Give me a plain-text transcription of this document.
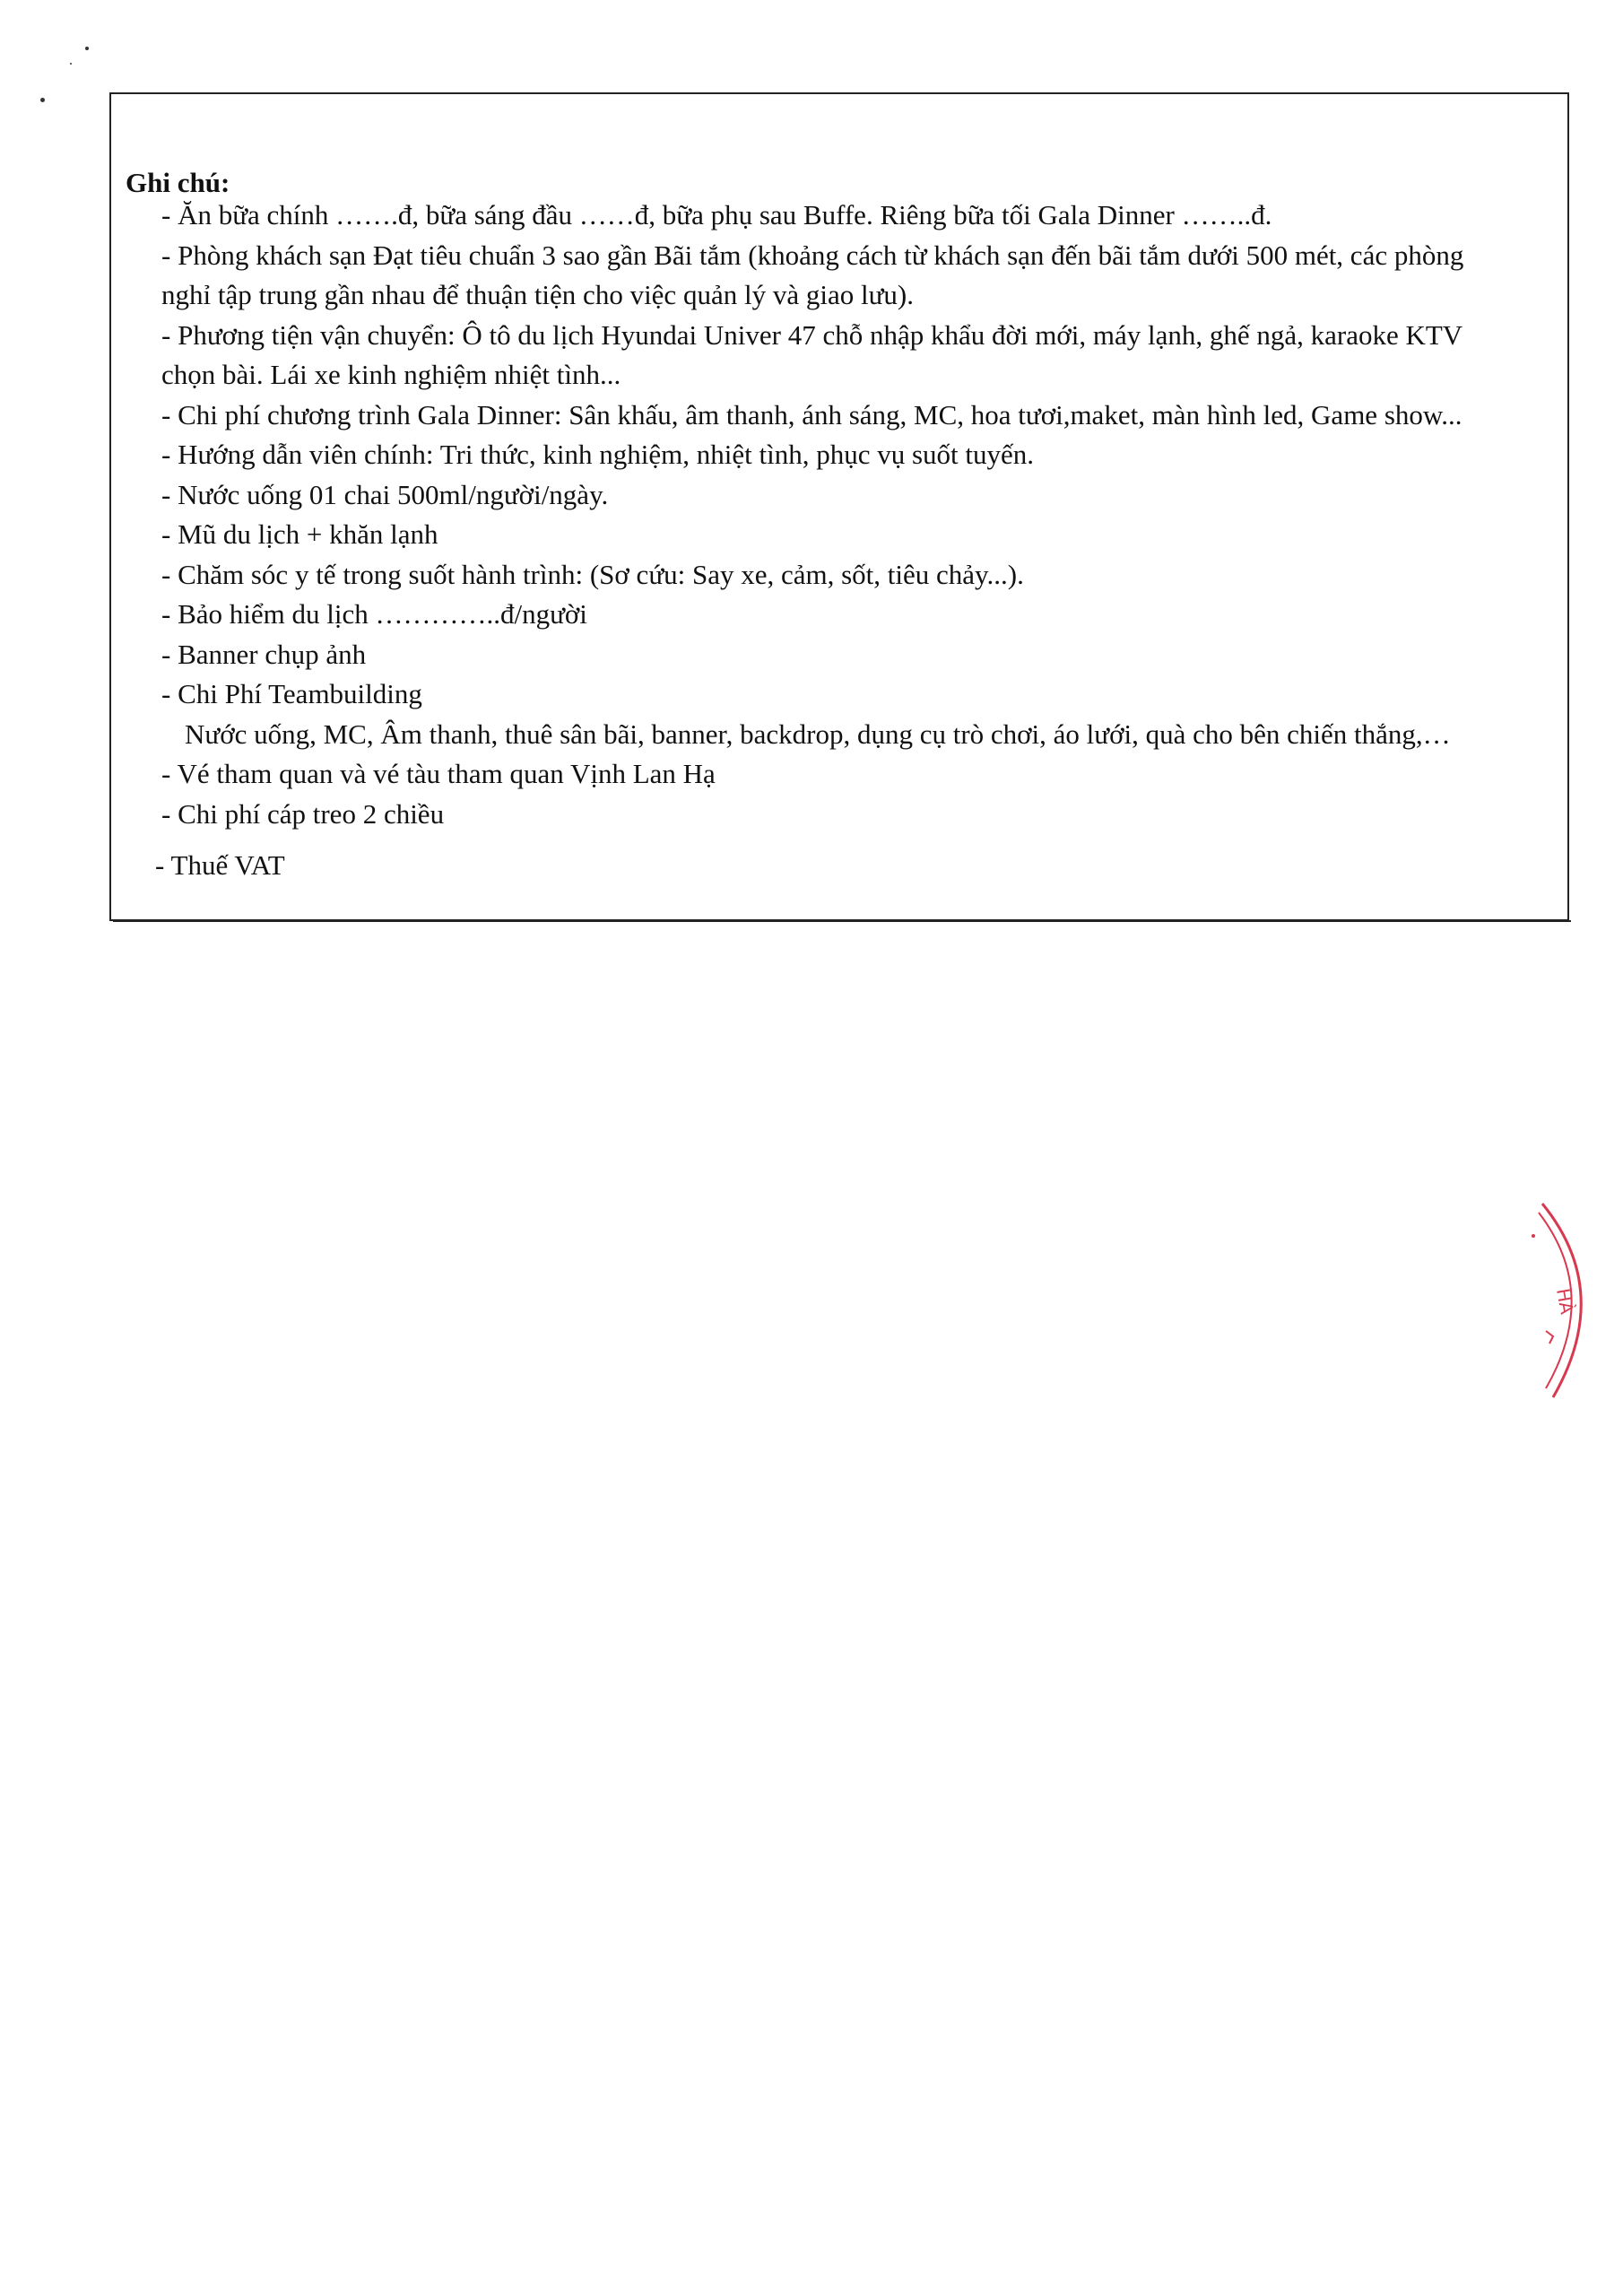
Ghi chú:
- Ăn bữa chính …….đ, bữa sáng đầu ……đ, bữa phụ sau Buffe. Riêng bữa tối Gala Dinner ……..đ.
- Phòng khách sạn Đạt tiêu chuẩn 3 sao gần Bãi tắm (khoảng cách từ khách sạn đến bãi tắm dưới 500 mét, các phòng nghỉ tập trung gần nhau để thuận tiện cho việc quản lý và giao lưu).
- Phương tiện vận chuyển: Ô tô du lịch Hyundai Univer 47 chỗ nhập khẩu đời mới, máy lạnh, ghế ngả, karaoke KTV chọn bài. Lái xe kinh nghiệm nhiệt tình...
- Chi phí chương trình Gala Dinner: Sân khấu, âm thanh, ánh sáng, MC, hoa tươi,maket, màn hình led, Game show...
- Hướng dẫn viên chính: Tri thức, kinh nghiệm, nhiệt tình, phục vụ suốt tuyến.
- Nước uống 01 chai 500ml/người/ngày.
- Mũ du lịch + khăn lạnh
- Chăm sóc y tế trong suốt hành trình: (Sơ cứu: Say xe, cảm, sốt, tiêu chảy...).
- Bảo hiểm du lịch …………..đ/người
- Banner chụp ảnh
- Chi Phí Teambuilding
Nước uống, MC, Âm thanh, thuê sân bãi, banner, backdrop, dụng cụ trò chơi, áo lưới, quà cho bên chiến thắng,…
- Vé tham quan và vé tàu tham quan Vịnh Lan Hạ
- Chi phí cáp treo 2 chiều
- Thuế VAT
HÀ
